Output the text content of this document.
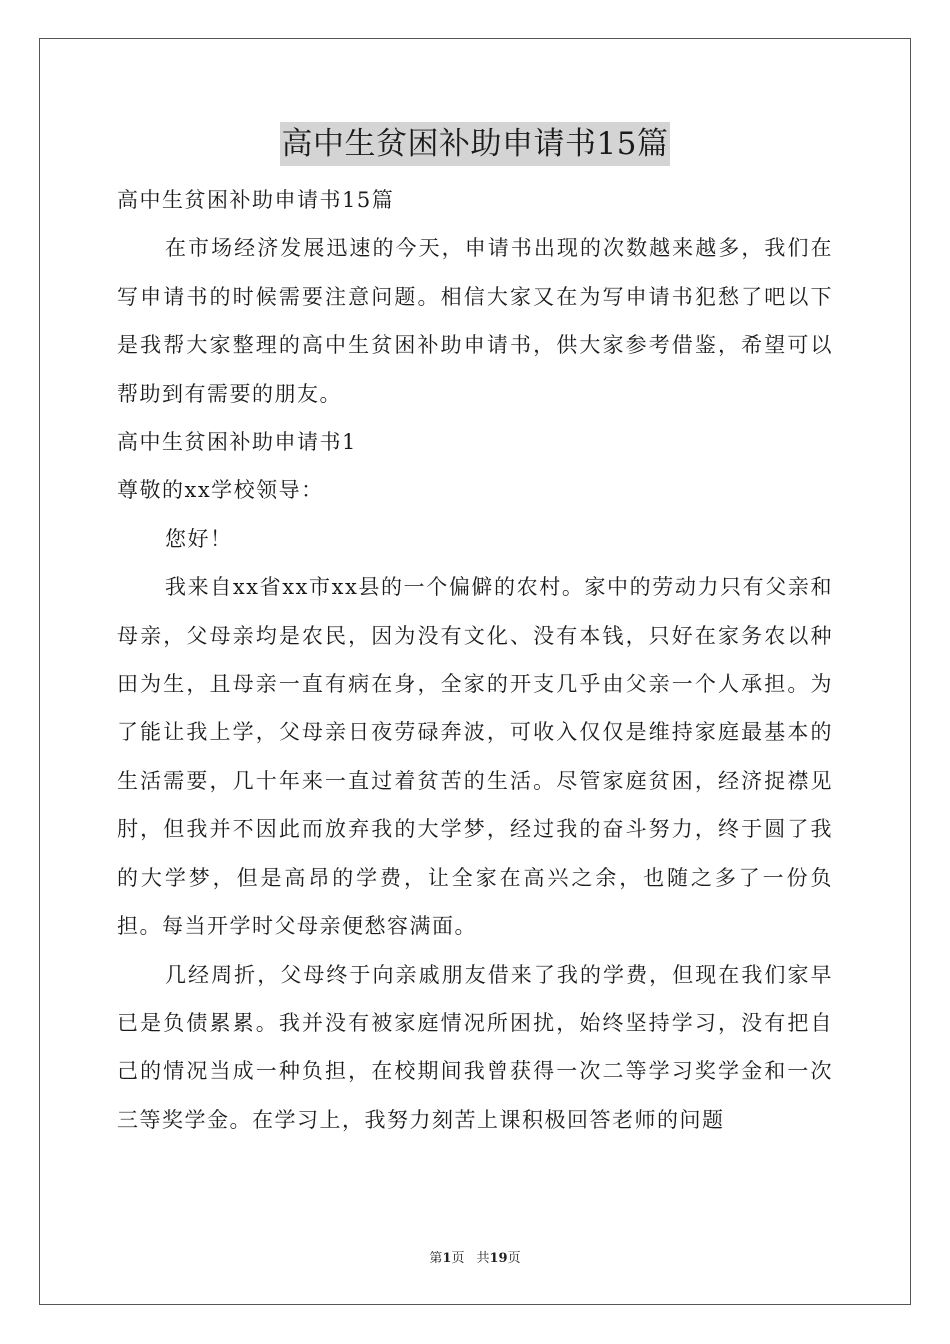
高中生贫困补助申请书15篇

高中生贫困补助申请书15篇

在市场经济发展迅速的今天，申请书出现的次数越来越多，我们在写申请书的时候需要注意问题。相信大家又在为写申请书犯愁了吧以下是我帮大家整理的高中生贫困补助申请书，供大家参考借鉴，希望可以帮助到有需要的朋友。

高中生贫困补助申请书1

尊敬的xx学校领导：

您好！

我来自xx省xx市xx县的一个偏僻的农村。家中的劳动力只有父亲和母亲，父母亲均是农民，因为没有文化、没有本钱，只好在家务农以种田为生，且母亲一直有病在身，全家的开支几乎由父亲一个人承担。为了能让我上学，父母亲日夜劳碌奔波，可收入仅仅是维持家庭最基本的生活需要，几十年来一直过着贫苦的生活。尽管家庭贫困，经济捉襟见肘，但我并不因此而放弃我的大学梦，经过我的奋斗努力，终于圆了我的大学梦，但是高昂的学费，让全家在高兴之余，也随之多了一份负担。每当开学时父母亲便愁容满面。

几经周折，父母终于向亲戚朋友借来了我的学费，但现在我们家早已是负债累累。我并没有被家庭情况所困扰，始终坚持学习，没有把自己的情况当成一种负担，在校期间我曾获得一次二等学习奖学金和一次三等奖学金。在学习上，我努力刻苦上课积极回答老师的问题

第1页 共19页
